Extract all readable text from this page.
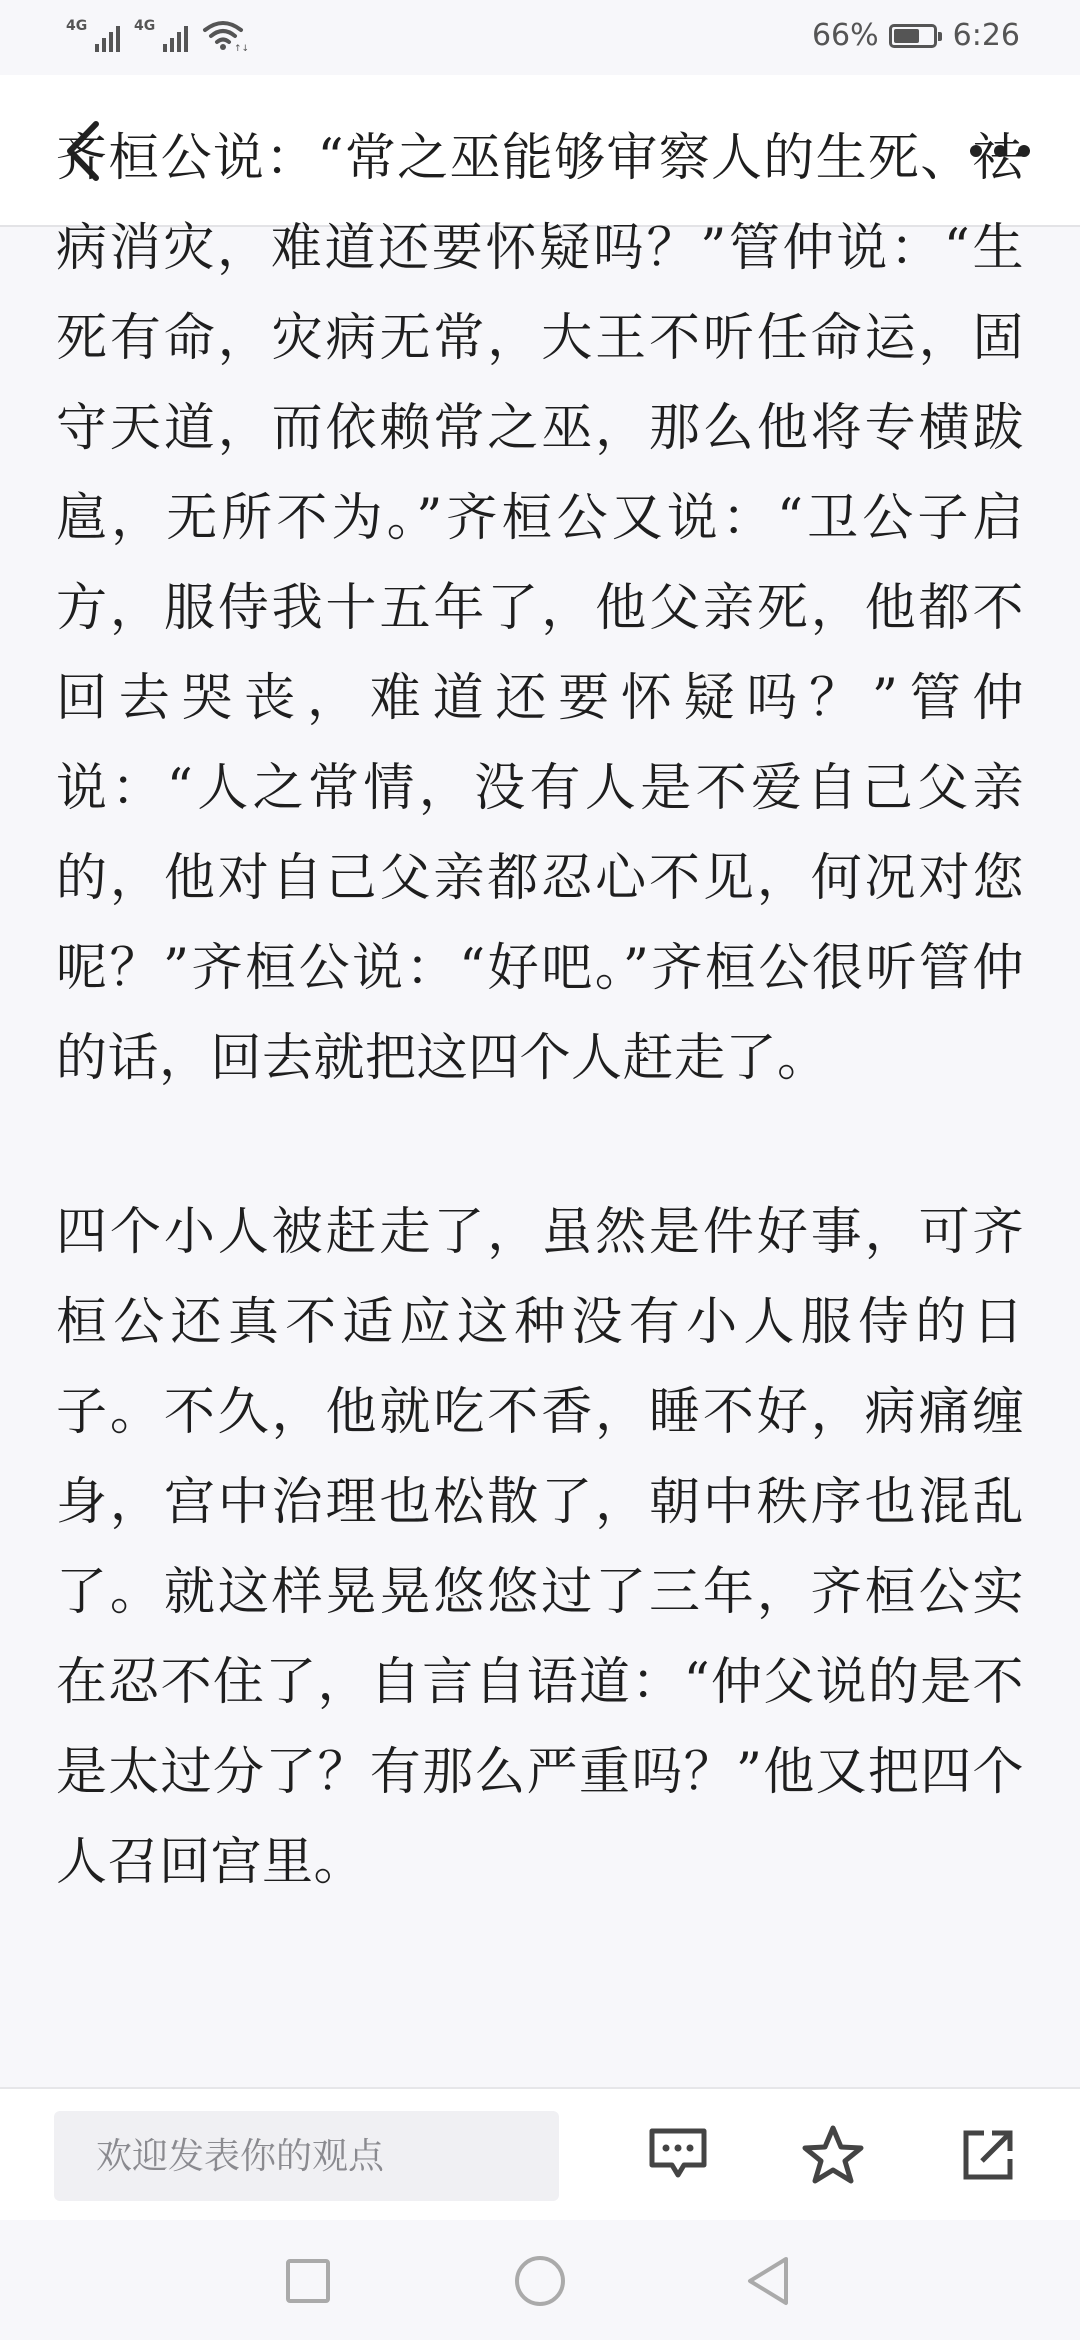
4G	4G
↑↓	66% 6:26

齐桓公说：“常之巫能够审察人的生死、祛病消灾，难道还要怀疑吗？”管仲说：“生死有命，灾病无常，大王不听任命运，固守天道，而依赖常之巫，那么他将专横跋扈，无所不为。”齐桓公又说：“卫公子启方，服侍我十五年了，他父亲死，他都不回去哭丧，难道还要怀疑吗？”管仲说：“人之常情，没有人是不爱自己父亲的，他对自己父亲都忍心不见，何况对您呢？”齐桓公说：“好吧。”齐桓公很听管仲的话，回去就把这四个人赶走了。

四个小人被赶走了，虽然是件好事，可齐桓公还真不适应这种没有小人服侍的日子。不久，他就吃不香，睡不好，病痛缠身，宫中治理也松散了，朝中秩序也混乱了。就这样晃晃悠悠过了三年，齐桓公实在忍不住了，自言自语道：“仲父说的是不是太过分了？有那么严重吗？”他又把四个人召回宫里。

欢迎发表你的观点
